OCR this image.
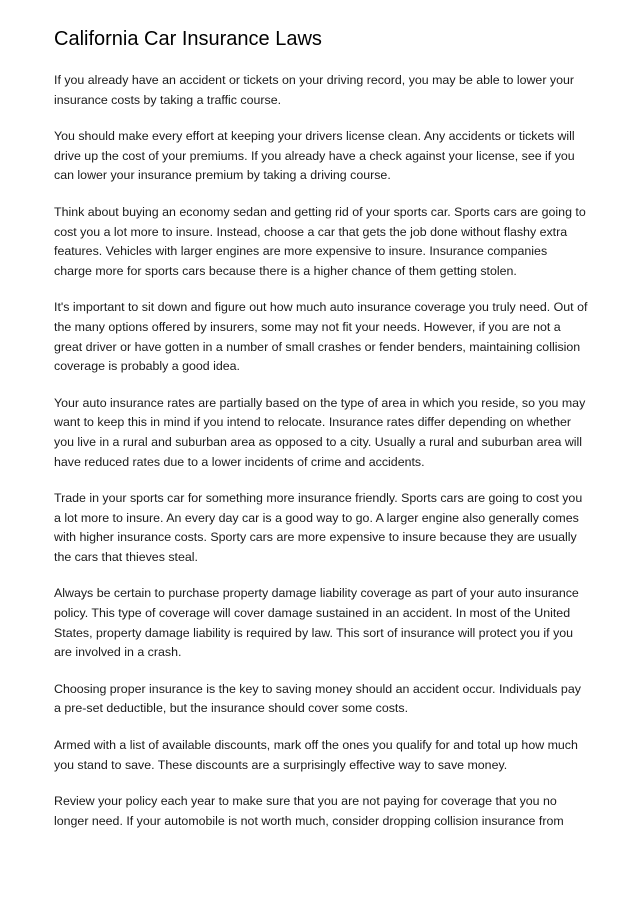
California Car Insurance Laws

If you already have an accident or tickets on your driving record, you may be able to lower your insurance costs by taking a traffic course.

You should make every effort at keeping your drivers license clean. Any accidents or tickets will drive up the cost of your premiums. If you already have a check against your license, see if you can lower your insurance premium by taking a driving course.

Think about buying an economy sedan and getting rid of your sports car. Sports cars are going to cost you a lot more to insure. Instead, choose a car that gets the job done without flashy extra features. Vehicles with larger engines are more expensive to insure. Insurance companies charge more for sports cars because there is a higher chance of them getting stolen.

It's important to sit down and figure out how much auto insurance coverage you truly need. Out of the many options offered by insurers, some may not fit your needs. However, if you are not a great driver or have gotten in a number of small crashes or fender benders, maintaining collision coverage is probably a good idea.

Your auto insurance rates are partially based on the type of area in which you reside, so you may want to keep this in mind if you intend to relocate. Insurance rates differ depending on whether you live in a rural and suburban area as opposed to a city. Usually a rural and suburban area will have reduced rates due to a lower incidents of crime and accidents.

Trade in your sports car for something more insurance friendly. Sports cars are going to cost you a lot more to insure. An every day car is a good way to go. A larger engine also generally comes with higher insurance costs. Sporty cars are more expensive to insure because they are usually the cars that thieves steal.

Always be certain to purchase property damage liability coverage as part of your auto insurance policy. This type of coverage will cover damage sustained in an accident. In most of the United States, property damage liability is required by law. This sort of insurance will protect you if you are involved in a crash.

Choosing proper insurance is the key to saving money should an accident occur. Individuals pay a pre-set deductible, but the insurance should cover some costs.

Armed with a list of available discounts, mark off the ones you qualify for and total up how much you stand to save. These discounts are a surprisingly effective way to save money.

Review your policy each year to make sure that you are not paying for coverage that you no longer need. If your automobile is not worth much, consider dropping collision insurance from
